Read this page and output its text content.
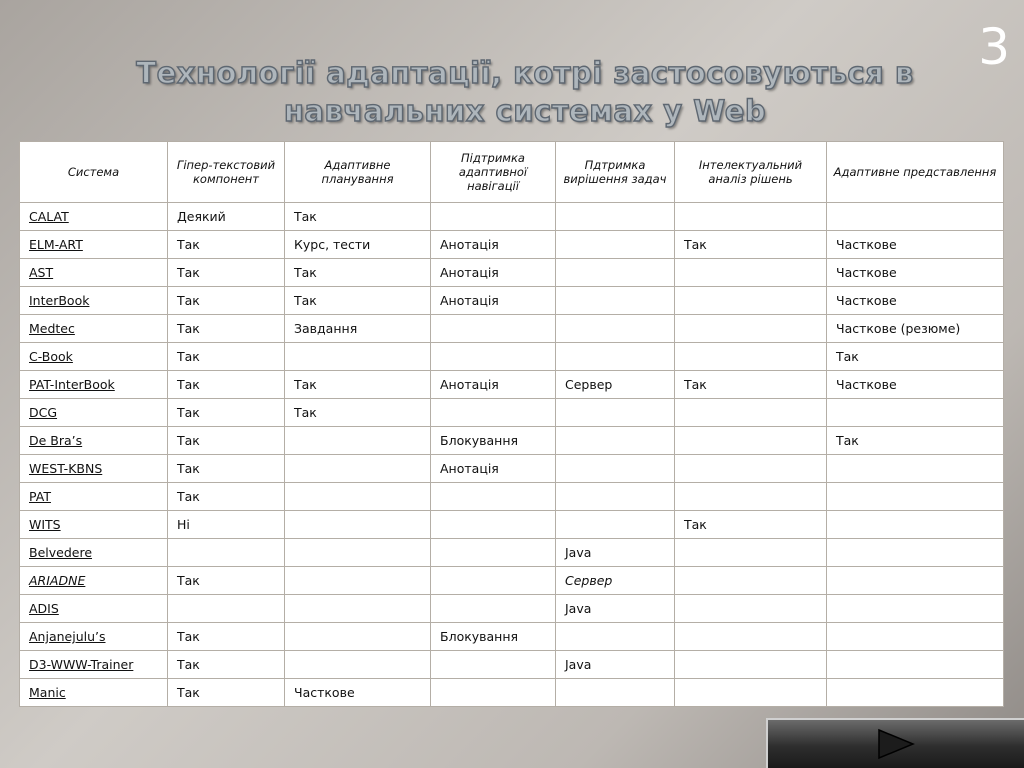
3
Технології адаптації, котрі застосовуються в
навчальних системах у Web
Система	Гіпер-текстовий компонент	Адаптивне планування	Підтримка адаптивної навігації	Пдтримка вирішення задач	Інтелектуальний аналіз рішень	Адаптивне представлення
CALAT	Деякий	Так				
ELM-ART	Так	Курс, тести	Анотація		Так	Часткове
AST	Так	Так	Анотація			Часткове
InterBook	Так	Так	Анотація			Часткове
Medtec	Так	Завдання				Часткове (резюме)
C-Book	Так					Так
PAT-InterBook	Так	Так	Анотація	Сервер	Так	Часткове
DCG	Так	Так				
De Bra’s	Так		Блокування			Так
WEST-KBNS	Так		Анотація			
PAT	Так					
WITS	Ні				Так	
Belvedere				Java		
ARIADNE	Так			Сервер		
ADIS				Java		
Anjanejulu’s	Так		Блокування			
D3-WWW-Trainer	Так			Java		
Manic	Так	Часткове				
